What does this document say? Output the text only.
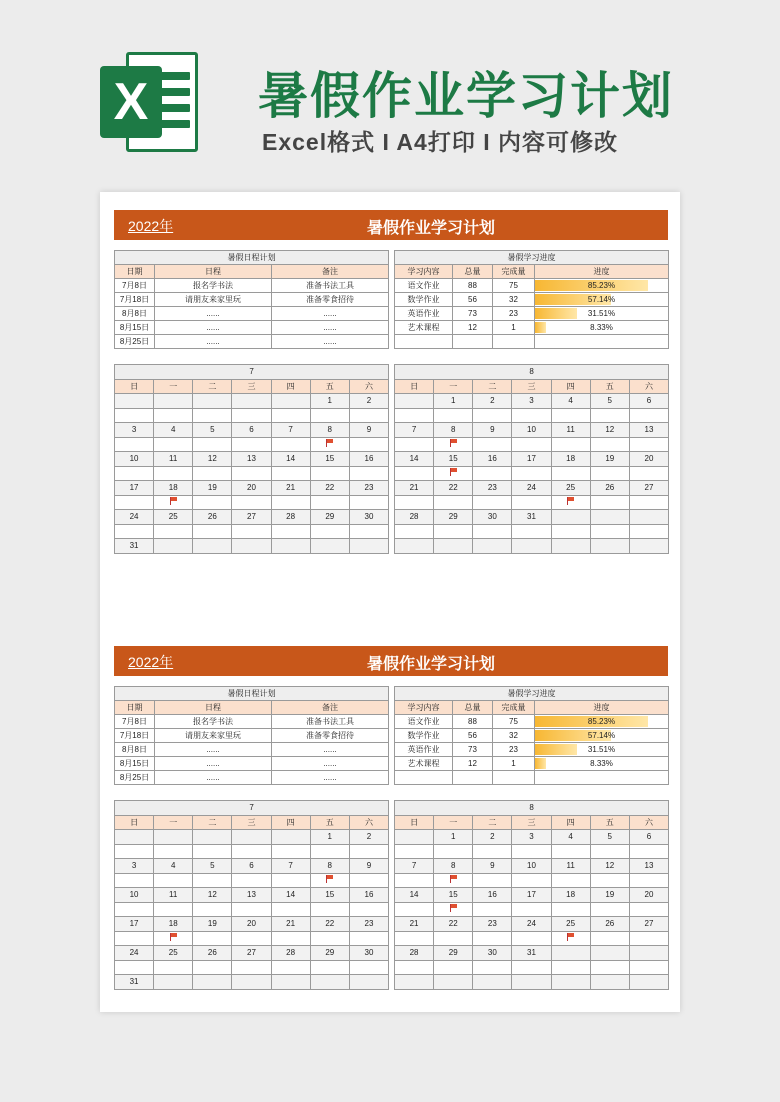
X 暑假作业学习计划
Excel格式 I A4打印 I 内容可修改
2022年	暑假作业学习计划
暑假日程计划		
日期	日程	备注
7月8日	报名学书法	准备书法工具
7月18日	请朋友来家里玩	准备零食招待
8月8日	......	......
8月15日	......	......
8月25日	......	......
暑假学习进度			
学习内容	总量	完成量	进度
语文作业	88	75	85.23%
数学作业	56	32	57.14%
英语作业	73	23	31.51%
艺术课程	12	1	8.33%

7						
日	一	二	三	四	五	六
					1	2

3	4	5	6	7	8	9

10	11	12	13	14	15	16

17	18	19	20	21	22	23

24	25	26	27	28	29	30

31						
8						
日	一	二	三	四	五	六
	1	2	3	4	5	6

7	8	9	10	11	12	13

14	15	16	17	18	19	20

21	22	23	24	25	26	27

28	29	30	31			

2022年	暑假作业学习计划
暑假日程计划		
日期	日程	备注
7月8日	报名学书法	准备书法工具
7月18日	请朋友来家里玩	准备零食招待
8月8日	......	......
8月15日	......	......
8月25日	......	......
暑假学习进度			
学习内容	总量	完成量	进度
语文作业	88	75	85.23%
数学作业	56	32	57.14%
英语作业	73	23	31.51%
艺术课程	12	1	8.33%

7						
日	一	二	三	四	五	六
					1	2

3	4	5	6	7	8	9

10	11	12	13	14	15	16

17	18	19	20	21	22	23

24	25	26	27	28	29	30

31						
8						
日	一	二	三	四	五	六
	1	2	3	4	5	6

7	8	9	10	11	12	13

14	15	16	17	18	19	20

21	22	23	24	25	26	27

28	29	30	31			
